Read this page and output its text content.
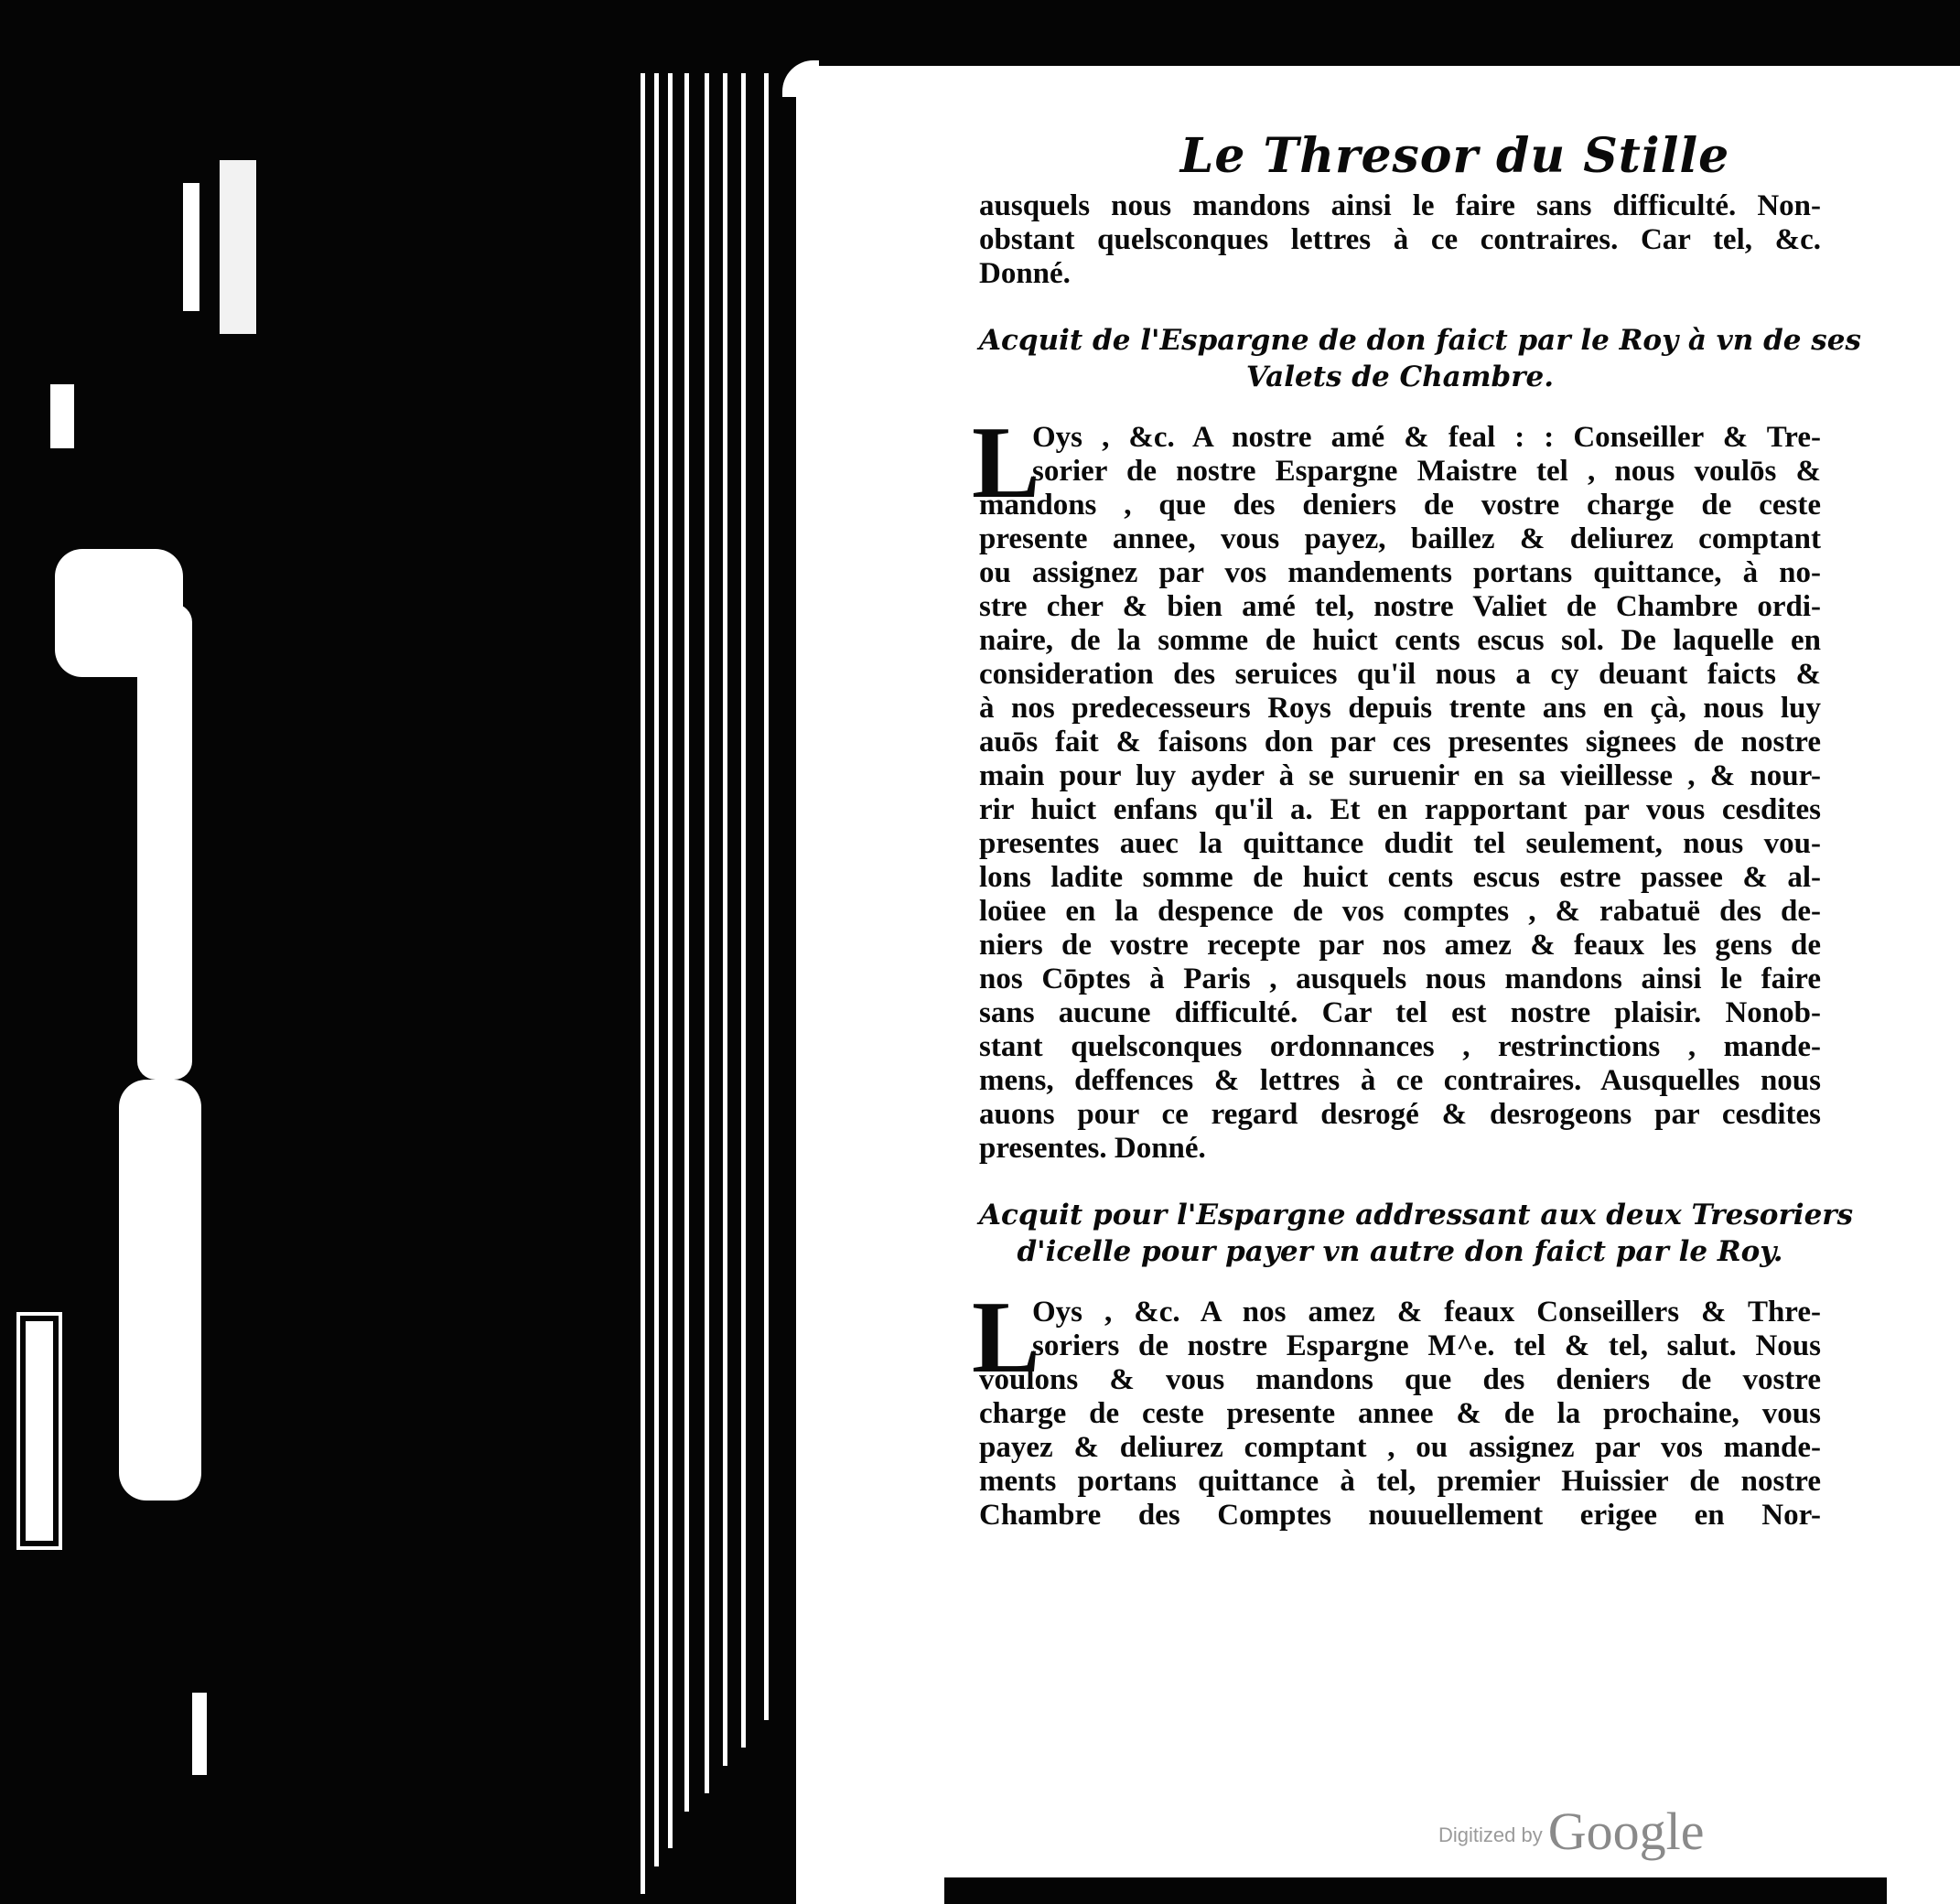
Le Thresor du Stille
ausquels nous mandons ainsi le faire sans difficulté. Non-
obstant quelsconques lettres à ce contraires. Car tel, &c.
Donné.
Acquit de l'Espargne de don faict par le Roy à vn de ses
Valets de Chambre.
L
Oys , &c. A nostre amé & feal : : Conseiller & Tre-
sorier de nostre Espargne Maistre tel , nous voulōs &
mandons , que des deniers de vostre charge de ceste
presente annee, vous payez, baillez & deliurez comptant
ou assignez par vos mandements portans quittance, à no-
stre cher & bien amé tel, nostre Valiet de Chambre ordi-
naire, de la somme de huict cents escus sol. De laquelle en
consideration des seruices qu'il nous a cy deuant faicts &
à nos predecesseurs Roys depuis trente ans en çà, nous luy
auōs fait & faisons don par ces presentes signees de nostre
main pour luy ayder à se suruenir en sa vieillesse , & nour-
rir huict enfans qu'il a. Et en rapportant par vous cesdites
presentes auec la quittance dudit tel seulement, nous vou-
lons ladite somme de huict cents escus estre passee & al-
loüee en la despence de vos comptes , & rabatuë des de-
niers de vostre recepte par nos amez & feaux les gens de
nos Cōptes à Paris , ausquels nous mandons ainsi le faire
sans aucune difficulté. Car tel est nostre plaisir. Nonob-
stant quelsconques ordonnances , restrinctions , mande-
mens, deffences & lettres à ce contraires. Ausquelles nous
auons pour ce regard desrogé & desrogeons par cesdites
presentes. Donné.
Acquit pour l'Espargne addressant aux deux Tresoriers
d'icelle pour payer vn autre don faict par le Roy.
L
Oys , &c. A nos amez & feaux Conseillers & Thre-
soriers de nostre Espargne M^e. tel & tel, salut. Nous
voulons & vous mandons que des deniers de vostre
charge de ceste presente annee & de la prochaine, vous
payez & deliurez comptant , ou assignez par vos mande-
ments portans quittance à tel, premier Huissier de nostre
Chambre des Comptes nouuellement erigee en Nor-
Digitized by Google
